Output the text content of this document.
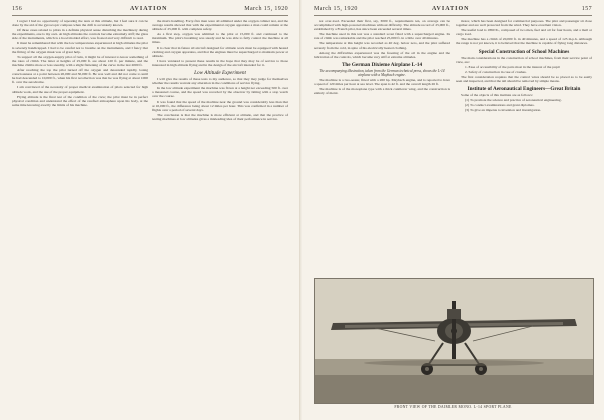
156	AVIATION	March 15, 1920

I regret I had no opportunity of repeating the tests at this altitude, but I feel sure it can be done by the aid of the gyroscopic compass when the drift is accurately known.

Of three cases related to pilots in a definite physical sense disturbing the machinery during the experiments, one is my own. At high altitudes the controls become extremely stiff; the glass side of the instruments, which is a hood molded effort, was frosted and very difficult to read.

It must be remembered that with the low temperatures experienced at high altitudes the pilot is severely handicapped. I had to be careful not to breathe on the instruments, and I fancy that the fitting of the oxygen mask was of great help.

To support all the oxygen-supply pilot of twin, it might be of interest to know something of the rates of climb. The latter at heights of 25,000 ft. are about 120 ft. per minute, and the machine climbs more or less steadily, with a slight flattening of the curve in the last 2000 ft.

After reaching the top the pilot turned off the oxygen and descended rapidly, losing consciousness at a point between 20,000 and 30,000 ft. He was well and did not come to until he had descended to 10,000 ft., when his first recollection was that he was flying at about 1000 ft. over the aerodrome.

I am convinced of the necessity of proper medical examination of pilots selected for high altitude work, and the use of the proper equipment.

Flying altitude is the final test of the condition of the crew; the pilot must be in perfect physical condition and understand the effect of the rarefied atmosphere upon his body, at the same time knowing exactly the limits of his machine.

the man's handling. Forty-five men were all admitted under the oxygen cabinet test, and the average results showed that with the experimental oxygen apparatus a man could remain at the altitude of 25,000 ft. with complete safety.

As a first step, oxygen was admitted to the pilot at 15,000 ft. and continued to the maximum. The pilot's breathing was steady and he was able to fully control the machine at all times.

It is clear that in future all aircraft designed for altitude work must be equipped with heated clothing and oxygen apparatus, and that the engines must be supercharged to maintain power at altitude.

I have ventured to present these results in the hope that they may be of service to those interested in high altitude flying and in the design of the aircraft intended for it.

Low Altitude Experiment

I will give the results of these tests to my audience, so that they may judge for themselves whether the results warrant any alteration in the conditions of service flying.

In the low altitude experiment the machine was flown at a height not exceeding 500 ft. over a measured course, and the speed was recorded by the observer by timing with a stop watch over the course.

It was found that the speed of the machine near the ground was considerably less than that at 10,000 ft., the difference being about 12 miles per hour. This was confirmed in a number of flights over a period of several days.

The conclusion is that the machine is more efficient at altitude, and that the practice of testing machines at low altitudes gives a misleading idea of their performance in service.

March 15, 1920	AVIATION	157

not over-load. Exceeded their first, say, 3000 ft., requirements ten, on average can be accomplished with high-powered machines without difficulty. The altitude record of 25,000 ft., established by a French pilot, has since been exceeded several times.

The machine used in this test was a standard scout fitted with a supercharged engine. Its rate of climb was remarkable and the pilot reached 25,000 ft. in a little over 40 minutes.

The temperature at this height was recorded as 40 deg. below zero, and the pilot suffered severely from the cold, in spite of his electrically heated clothing.

Among the difficulties experienced was the freezing of the oil in the engine and the lubrication of the controls, which became very stiff at extreme altitudes.

The German Dixieme Airplane L-14
The accompanying illustration, taken from the German technical press, shows the L-14 airplane with a Maybach engine.

The machine is a two-seater, fitted with a 260 hp. Maybach engine, and is reported to have a speed of 120 miles per hour at sea level. The span is 42 ft. and the overall length 26 ft.

The machine is of the monoplane type with a thick cantilever wing, and the construction is entirely of metal.

motor, which has been designed for commercial purposes. The pilot and passenger sit close together and are well protected from the wind. They have excellent vision.

The useful load is 1860 lb., composed of two men, fuel and oil for four hours, and a mail or cargo load.

The machine has a climb of 20,000 ft. in 40 minutes, and a speed of 125 m.p.h. Although the range is not yet known, it is believed that the machine is capable of flying long distances.

Special Construction of School Machines

The main considerations in the construction of school machines, from their service point of view, are:

1. Ease of accessibility of the parts most in the interest of the pupil

2. Safety of construction in case of crashes.

The first consideration requires that the control wires should be so placed as to be easily seen and inspected, and that the tail should be removed by simple means.

Institute of Aeronautical Engineers—Great Britain

Some of the objects of this institute are as follows:

(1) To promote the science and practice of aeronautical engineering.

(2) To conduct examinations and grant diplomas.

(3) To give an impetus to invention and investigation.

FRONT VIEW OF THE DAIMLER MONO. L-14 SPORT PLANE
